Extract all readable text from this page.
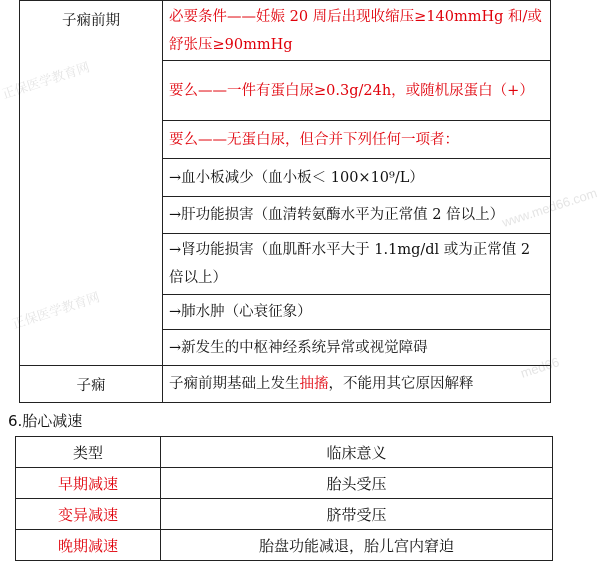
正保医学教育网
www.med66.com
正保医学教育网
med66
子痫前期	必要条件——妊娠 20 周后出现收缩压≥140mmHg 和/或舒张压≥90mmHg
	要么——一件有蛋白尿≥0.3g/24h，或随机尿蛋白（+）
	要么——无蛋白尿，但合并下列任何一项者：
	→血小板减少（血小板＜ 100×10⁹/L）
	→肝功能损害（血清转氨酶水平为正常值 2 倍以上）
	→肾功能损害（血肌酐水平大于 1.1mg/dl 或为正常值 2 倍以上）
	→肺水肿（心衰征象）
	→新发生的中枢神经系统异常或视觉障碍
子痫	子痫前期基础上发生抽搐，不能用其它原因解释
6.胎心减速
类型	临床意义
早期减速	胎头受压
变异减速	脐带受压
晚期减速	胎盘功能减退，胎儿宫内窘迫
